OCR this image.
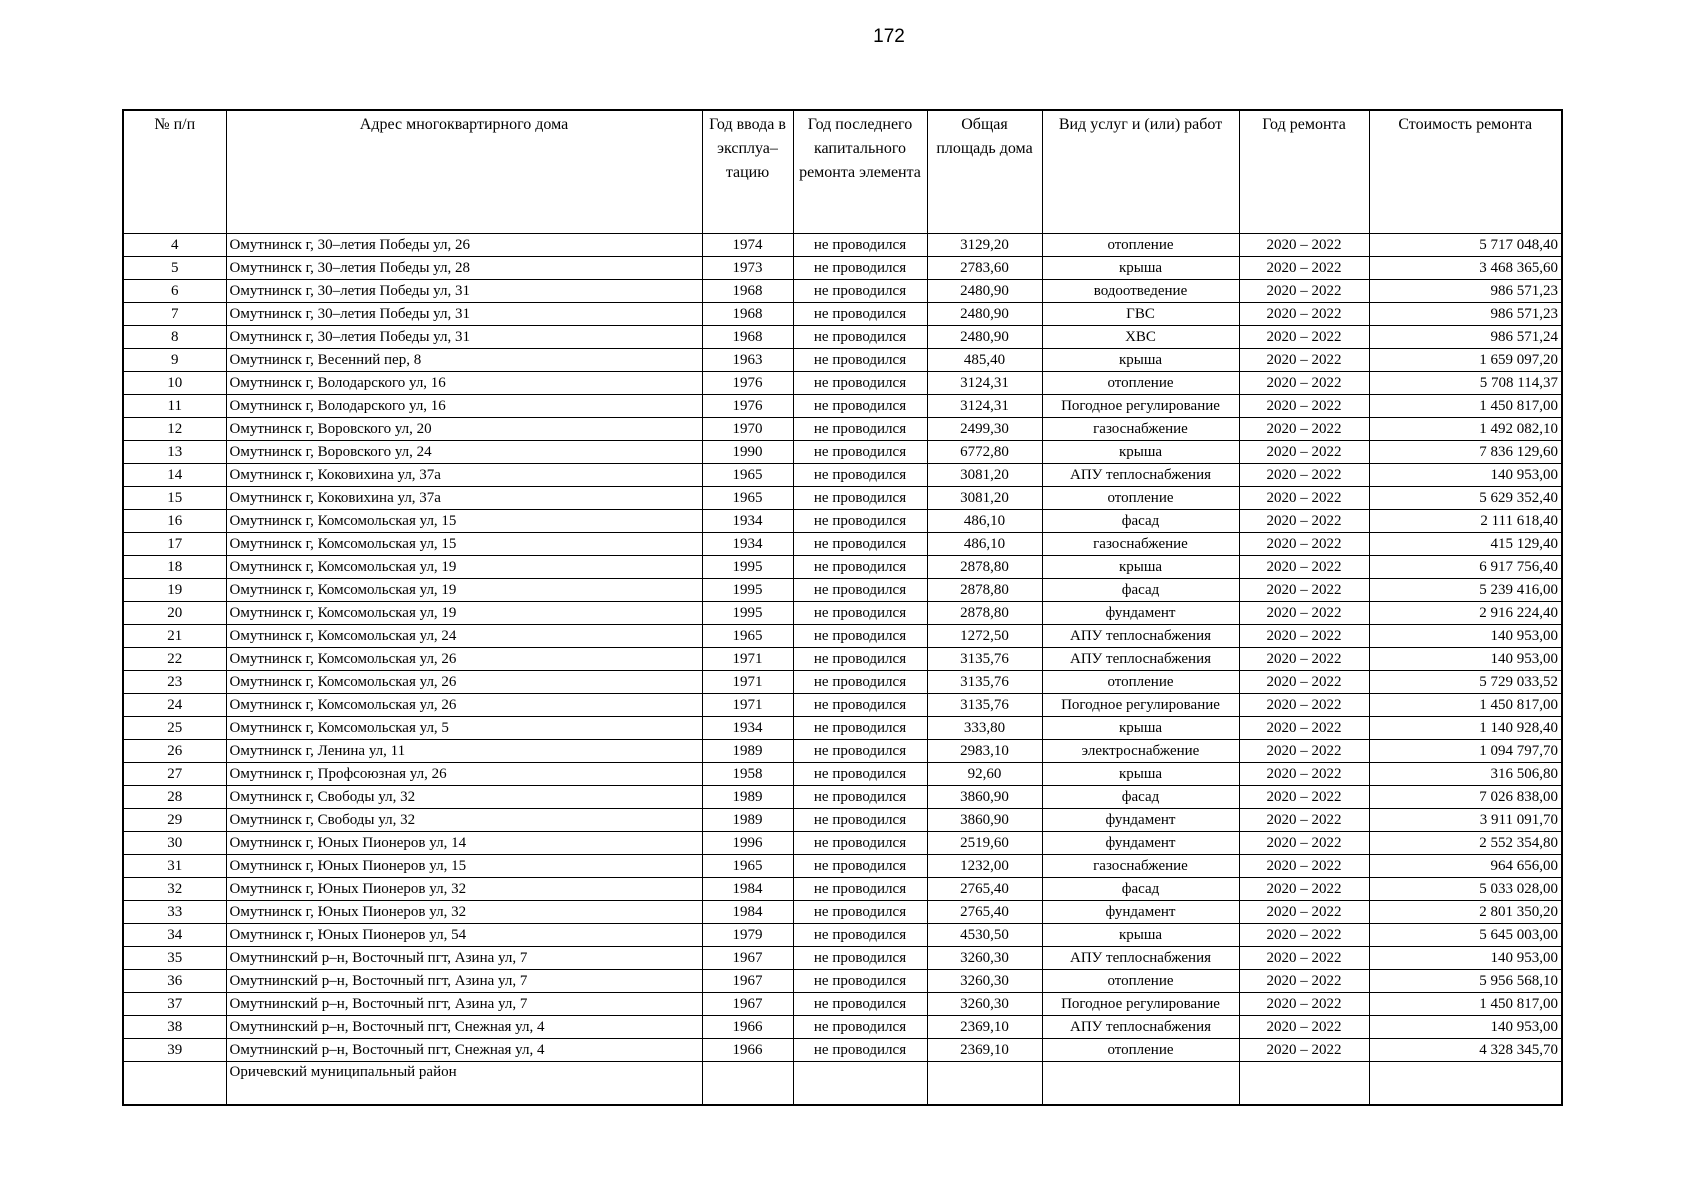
172
№ п/п	Адрес многоквартирного дома	Год ввода в эксплуа– тацию	Год последнего капитального ремонта элемента	Общая площадь дома	Вид услуг и (или) работ	Год ремонта	Стоимость ремонта
4	Омутнинск г, 30–летия Победы ул, 26	1974	не проводился	3129,20	отопление	2020 – 2022	5 717 048,40
5	Омутнинск г, 30–летия Победы ул, 28	1973	не проводился	2783,60	крыша	2020 – 2022	3 468 365,60
6	Омутнинск г, 30–летия Победы ул, 31	1968	не проводился	2480,90	водоотведение	2020 – 2022	986 571,23
7	Омутнинск г, 30–летия Победы ул, 31	1968	не проводился	2480,90	ГВС	2020 – 2022	986 571,23
8	Омутнинск г, 30–летия Победы ул, 31	1968	не проводился	2480,90	ХВС	2020 – 2022	986 571,24
9	Омутнинск г, Весенний пер, 8	1963	не проводился	485,40	крыша	2020 – 2022	1 659 097,20
10	Омутнинск г, Володарского ул, 16	1976	не проводился	3124,31	отопление	2020 – 2022	5 708 114,37
11	Омутнинск г, Володарского ул, 16	1976	не проводился	3124,31	Погодное регулирование	2020 – 2022	1 450 817,00
12	Омутнинск г, Воровского ул, 20	1970	не проводился	2499,30	газоснабжение	2020 – 2022	1 492 082,10
13	Омутнинск г, Воровского ул, 24	1990	не проводился	6772,80	крыша	2020 – 2022	7 836 129,60
14	Омутнинск г, Коковихина ул, 37а	1965	не проводился	3081,20	АПУ теплоснабжения	2020 – 2022	140 953,00
15	Омутнинск г, Коковихина ул, 37а	1965	не проводился	3081,20	отопление	2020 – 2022	5 629 352,40
16	Омутнинск г, Комсомольская ул, 15	1934	не проводился	486,10	фасад	2020 – 2022	2 111 618,40
17	Омутнинск г, Комсомольская ул, 15	1934	не проводился	486,10	газоснабжение	2020 – 2022	415 129,40
18	Омутнинск г, Комсомольская ул, 19	1995	не проводился	2878,80	крыша	2020 – 2022	6 917 756,40
19	Омутнинск г, Комсомольская ул, 19	1995	не проводился	2878,80	фасад	2020 – 2022	5 239 416,00
20	Омутнинск г, Комсомольская ул, 19	1995	не проводился	2878,80	фундамент	2020 – 2022	2 916 224,40
21	Омутнинск г, Комсомольская ул, 24	1965	не проводился	1272,50	АПУ теплоснабжения	2020 – 2022	140 953,00
22	Омутнинск г, Комсомольская ул, 26	1971	не проводился	3135,76	АПУ теплоснабжения	2020 – 2022	140 953,00
23	Омутнинск г, Комсомольская ул, 26	1971	не проводился	3135,76	отопление	2020 – 2022	5 729 033,52
24	Омутнинск г, Комсомольская ул, 26	1971	не проводился	3135,76	Погодное регулирование	2020 – 2022	1 450 817,00
25	Омутнинск г, Комсомольская ул, 5	1934	не проводился	333,80	крыша	2020 – 2022	1 140 928,40
26	Омутнинск г, Ленина ул, 11	1989	не проводился	2983,10	электроснабжение	2020 – 2022	1 094 797,70
27	Омутнинск г, Профсоюзная ул, 26	1958	не проводился	92,60	крыша	2020 – 2022	316 506,80
28	Омутнинск г, Свободы ул, 32	1989	не проводился	3860,90	фасад	2020 – 2022	7 026 838,00
29	Омутнинск г, Свободы ул, 32	1989	не проводился	3860,90	фундамент	2020 – 2022	3 911 091,70
30	Омутнинск г, Юных Пионеров ул, 14	1996	не проводился	2519,60	фундамент	2020 – 2022	2 552 354,80
31	Омутнинск г, Юных Пионеров ул, 15	1965	не проводился	1232,00	газоснабжение	2020 – 2022	964 656,00
32	Омутнинск г, Юных Пионеров ул, 32	1984	не проводился	2765,40	фасад	2020 – 2022	5 033 028,00
33	Омутнинск г, Юных Пионеров ул, 32	1984	не проводился	2765,40	фундамент	2020 – 2022	2 801 350,20
34	Омутнинск г, Юных Пионеров ул, 54	1979	не проводился	4530,50	крыша	2020 – 2022	5 645 003,00
35	Омутнинский р–н, Восточный пгт, Азина ул, 7	1967	не проводился	3260,30	АПУ теплоснабжения	2020 – 2022	140 953,00
36	Омутнинский р–н, Восточный пгт, Азина ул, 7	1967	не проводился	3260,30	отопление	2020 – 2022	5 956 568,10
37	Омутнинский р–н, Восточный пгт, Азина ул, 7	1967	не проводился	3260,30	Погодное регулирование	2020 – 2022	1 450 817,00
38	Омутнинский р–н, Восточный пгт, Снежная ул, 4	1966	не проводился	2369,10	АПУ теплоснабжения	2020 – 2022	140 953,00
39	Омутнинский р–н, Восточный пгт, Снежная ул, 4	1966	не проводился	2369,10	отопление	2020 – 2022	4 328 345,70
	Оричевский муниципальный район						
